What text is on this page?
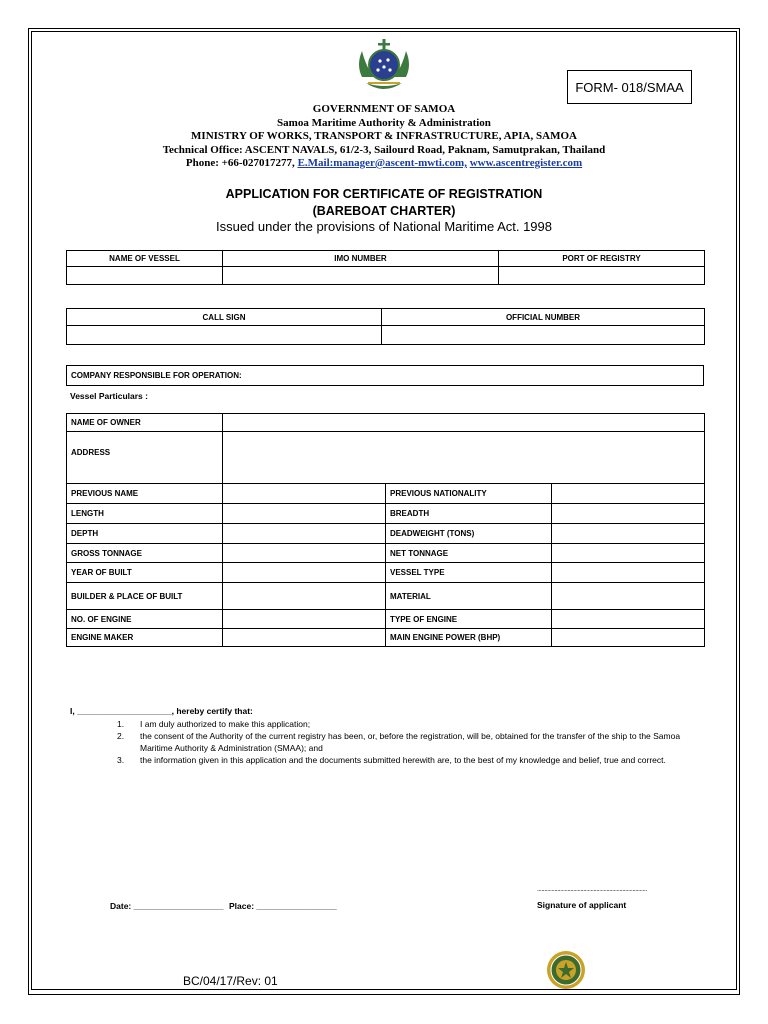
FORM- 018/SMAA
GOVERNMENT OF SAMOA
Samoa Maritime Authority & Administration
MINISTRY OF WORKS, TRANSPORT & INFRASTRUCTURE, APIA, SAMOA
Technical Office: ASCENT NAVALS, 61/2-3, Sailourd Road, Paknam, Samutprakan, Thailand
Phone: +66-027017277, E.Mail:manager@ascent-mwti.com, www.ascentregister.com
APPLICATION FOR CERTIFICATE OF REGISTRATION
(BAREBOAT CHARTER)
Issued under the provisions of National Maritime Act. 1998
NAME OF VESSEL	IMO NUMBER	PORT OF REGISTRY

CALL SIGN	OFFICIAL NUMBER

COMPANY RESPONSIBLE FOR OPERATION:
Vessel Particulars :
NAME OF OWNER			
ADDRESS			
PREVIOUS NAME		PREVIOUS NATIONALITY	
LENGTH		BREADTH	
DEPTH		DEADWEIGHT (TONS)	
GROSS TONNAGE		NET TONNAGE	
YEAR OF BUILT		VESSEL TYPE	
BUILDER & PLACE OF BUILT		MATERIAL	
NO. OF ENGINE		TYPE OF ENGINE	
ENGINE MAKER		MAIN ENGINE POWER (BHP)	
I, ____________________, hereby certify that:
1. I am duly authorized to make this application;
2. the consent of the Authority of the current registry has been, or, before the registration, will be, obtained for the transfer of the ship to the Samoa Maritime Authority & Administration (SMAA); and
3. the information given in this application and the documents submitted herewith are, to the best of my knowledge and belief, true and correct.
Date: ___________________ Place: _________________
............................................................................
Signature of applicant
BC/04/17/Rev: 01
